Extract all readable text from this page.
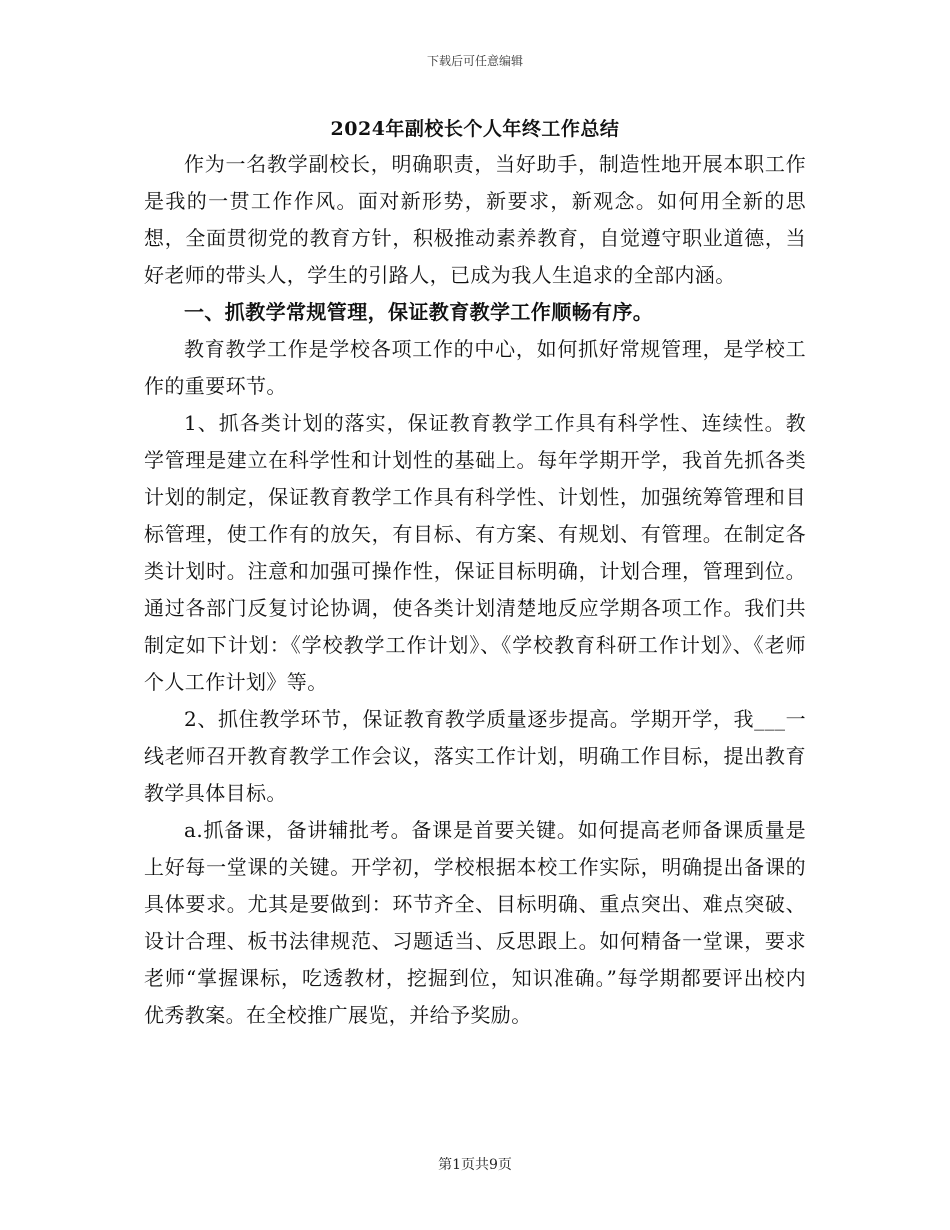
下载后可任意编辑
2024年副校长个人年终工作总结

作为一名教学副校长，明确职责，当好助手，制造性地开展本职工作是我的一贯工作作风。面对新形势，新要求，新观念。如何用全新的思想，全面贯彻党的教育方针，积极推动素养教育，自觉遵守职业道德，当好老师的带头人，学生的引路人，已成为我人生追求的全部内涵。

一、抓教学常规管理，保证教育教学工作顺畅有序。

教育教学工作是学校各项工作的中心，如何抓好常规管理，是学校工作的重要环节。

1、抓各类计划的落实，保证教育教学工作具有科学性、连续性。教学管理是建立在科学性和计划性的基础上。每年学期开学，我首先抓各类计划的制定，保证教育教学工作具有科学性、计划性，加强统筹管理和目标管理，使工作有的放矢，有目标、有方案、有规划、有管理。在制定各类计划时。注意和加强可操作性，保证目标明确，计划合理，管理到位。通过各部门反复讨论协调，使各类计划清楚地反应学期各项工作。我们共制定如下计划：《学校教学工作计划》、《学校教育科研工作计划》、《老师个人工作计划》等。

2、抓住教学环节，保证教育教学质量逐步提高。学期开学，我___一线老师召开教育教学工作会议，落实工作计划，明确工作目标，提出教育教学具体目标。

a.抓备课，备讲辅批考。备课是首要关键。如何提高老师备课质量是上好每一堂课的关键。开学初，学校根据本校工作实际，明确提出备课的具体要求。尤其是要做到：环节齐全、目标明确、重点突出、难点突破、设计合理、板书法律规范、习题适当、反思跟上。如何精备一堂课，要求老师“掌握课标，吃透教材，挖掘到位，知识准确。”每学期都要评出校内优秀教案。在全校推广展览，并给予奖励。

第1页共9页
